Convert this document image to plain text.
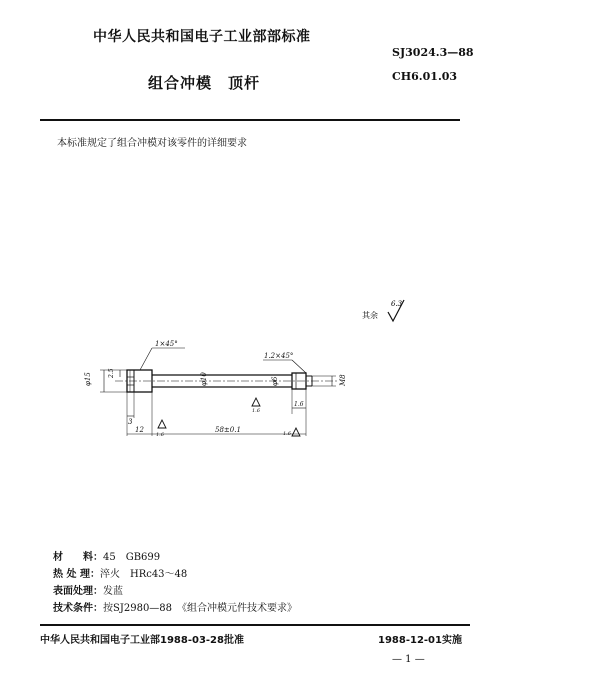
中华人民共和国电子工业部部标准
SJ3024.3—88
CH6.01.03
组合冲模　顶杆
本标准规定了组合冲模对该零件的详细要求
其余
6.3
φ15	2.5	φ10	φ6	M8
1×45°
1.2×45°
3
12	58±0.1
1.6
1.6
1.6	1.6
材　　料：45　GB699
热 处 理：淬火　HRc43～48
表面处理：发蓝
技术条件：按SJ2980—88　《组合冲模元件技术要求》
中华人民共和国电子工业部1988-03-28批准	1988-12-01实施
— 1 —
